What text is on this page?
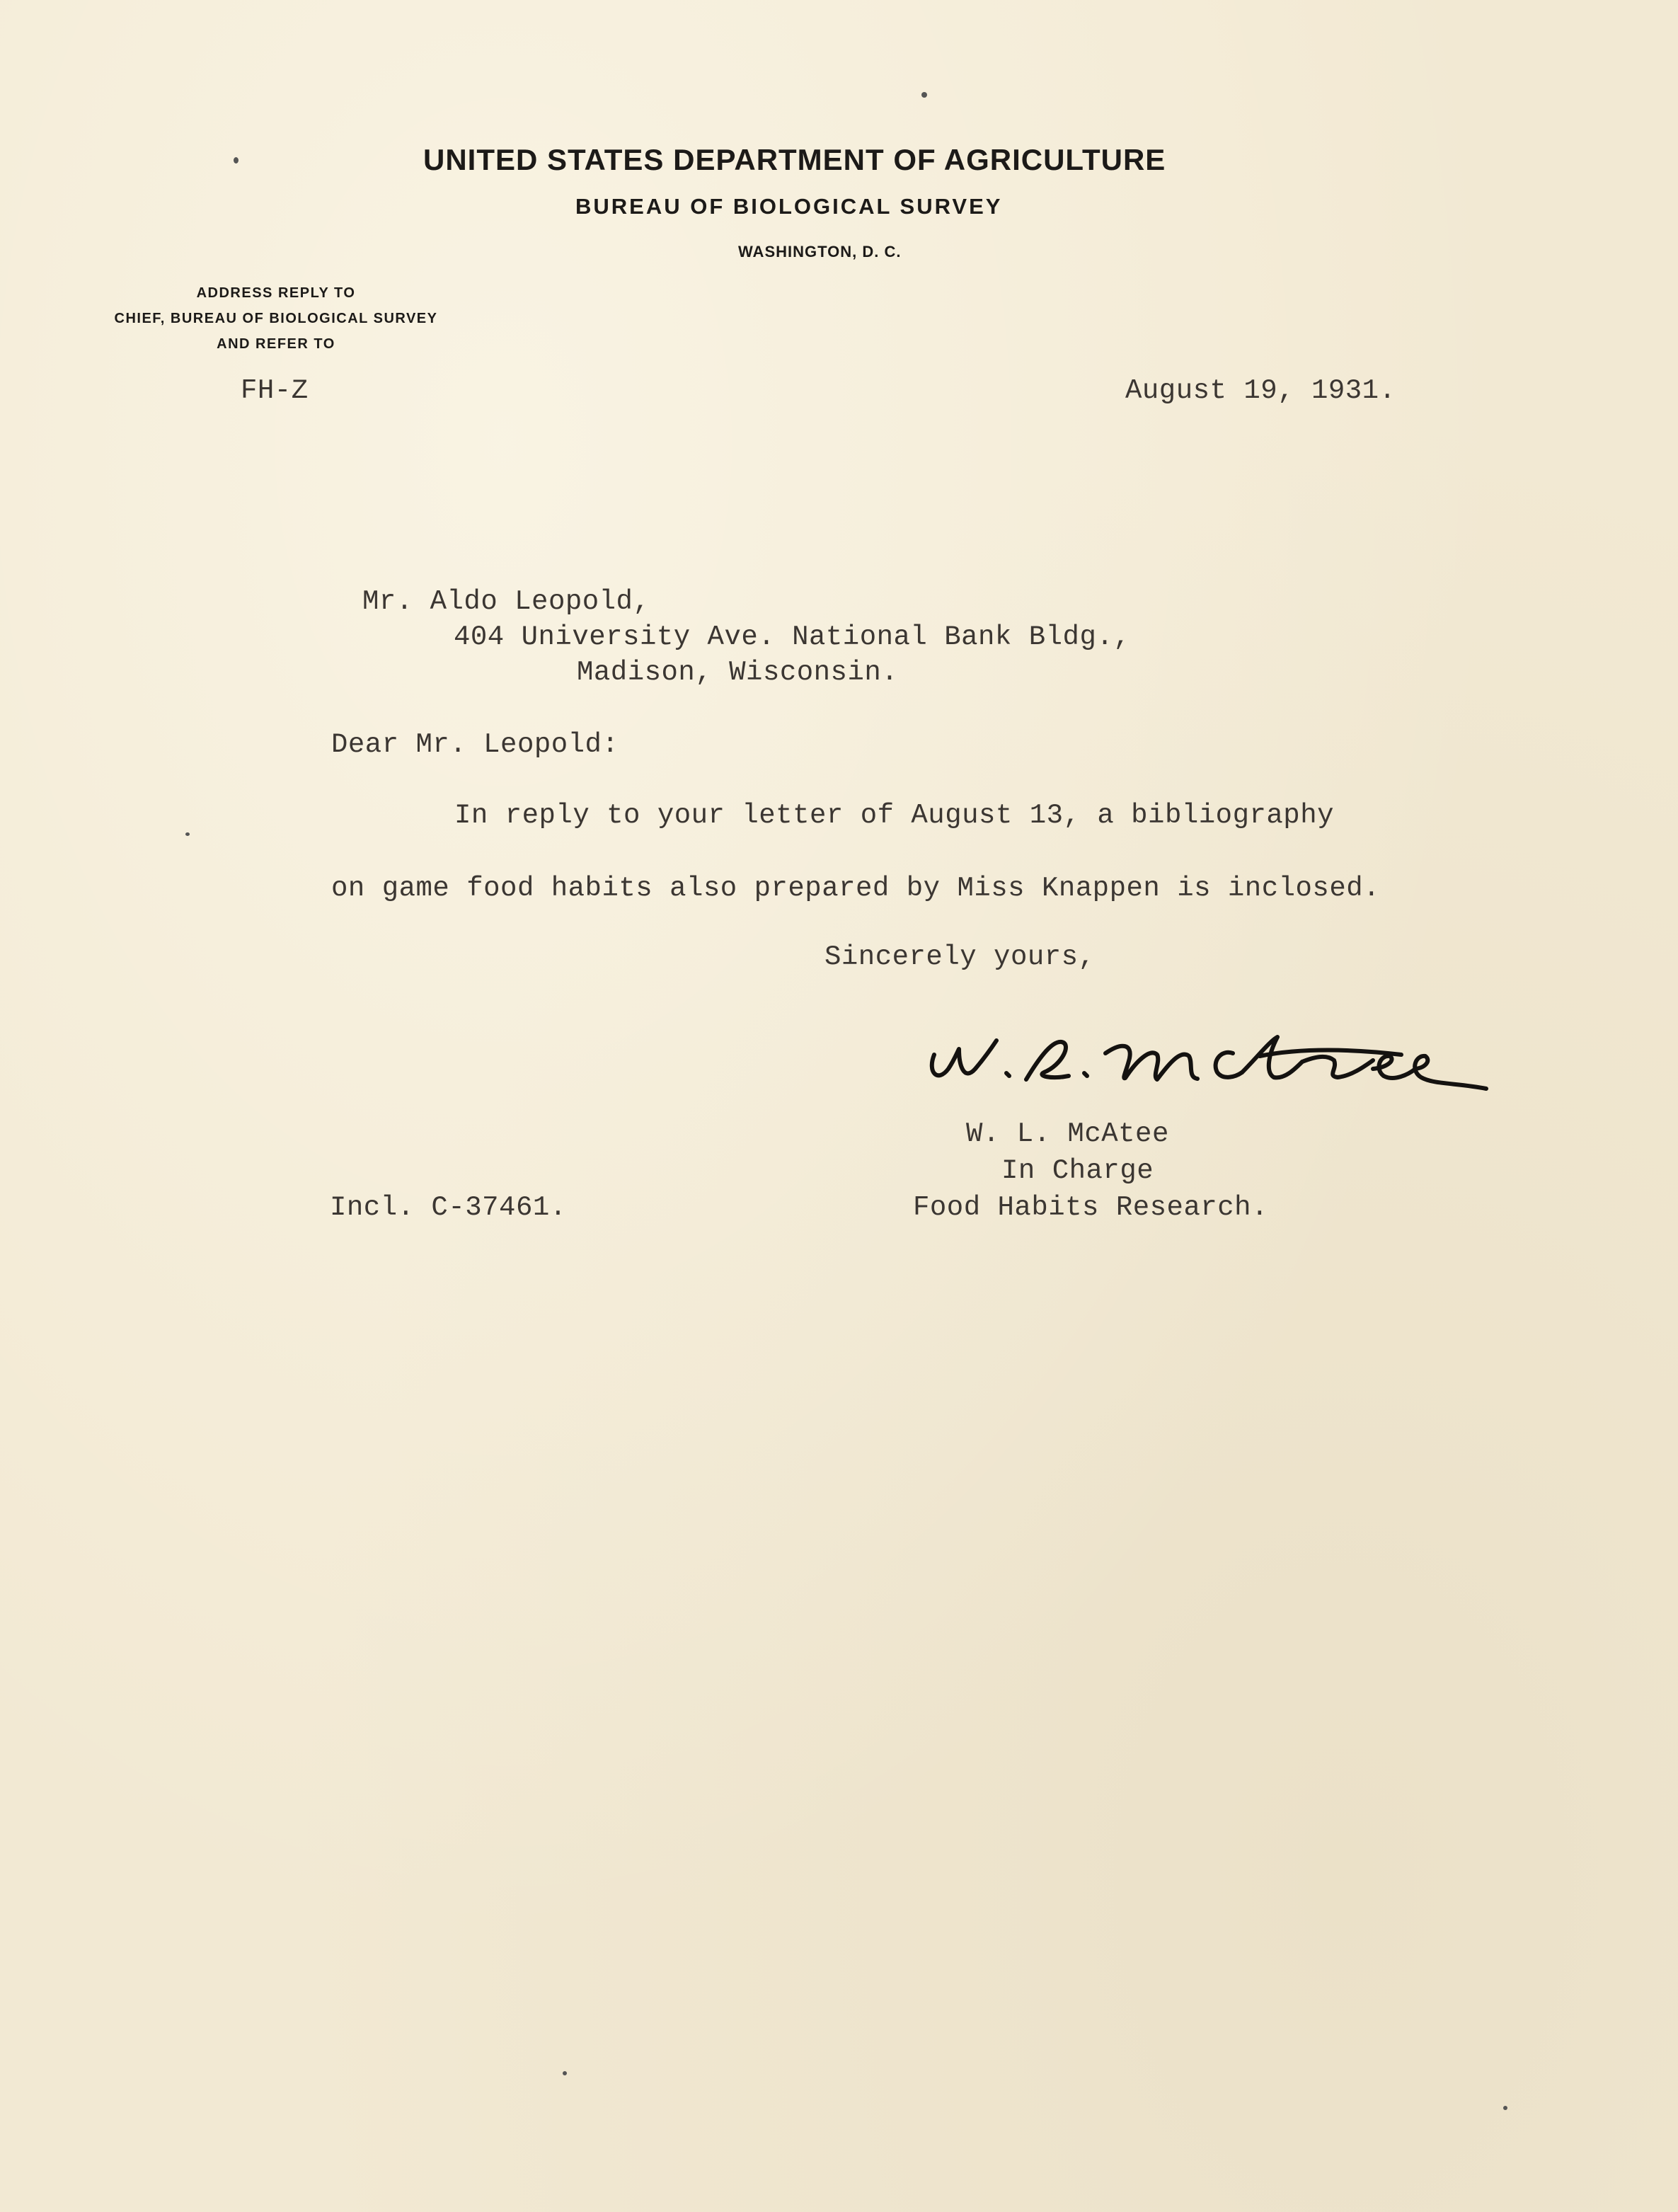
UNITED STATES DEPARTMENT OF AGRICULTURE
BUREAU OF BIOLOGICAL SURVEY
WASHINGTON, D. C.
ADDRESS REPLY TO
CHIEF, BUREAU OF BIOLOGICAL SURVEY
AND REFER TO
FH-Z	August 19, 1931.
Mr. Aldo Leopold,
404 University Ave. National Bank Bldg.,
Madison, Wisconsin.
Dear Mr. Leopold:
In reply to your letter of August 13, a bibliography
on game food habits also prepared by Miss Knappen is inclosed.
Sincerely yours,
W. L. McAtee
In Charge
Food Habits Research.
Incl. C-37461.
